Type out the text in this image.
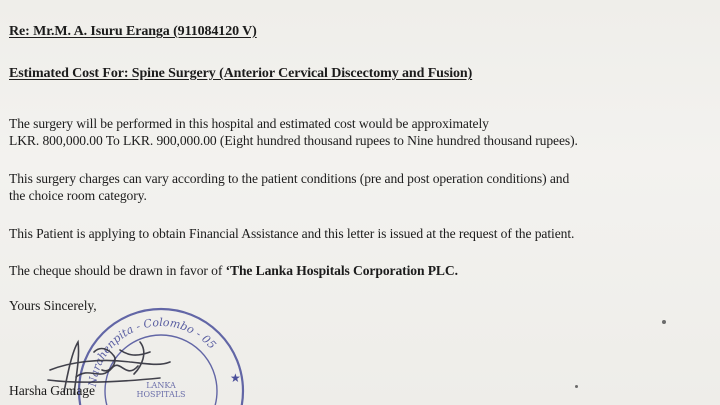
Re: Mr.M. A. Isuru Eranga (911084120 V)
Estimated Cost For: Spine Surgery (Anterior Cervical Discectomy and Fusion)
The surgery will be performed in this hospital and estimated cost would be approximately
LKR. 800,000.00 To LKR. 900,000.00 (Eight hundred thousand rupees to Nine hundred thousand rupees).
This surgery charges can vary according to the patient conditions (pre and post operation conditions) and
the choice room category.
This Patient is applying to obtain Financial Assistance and this letter is issued at the request of the patient.
The cheque should be drawn in favor of ‘The Lanka Hospitals Corporation PLC.
Yours Sincerely,
Narahenpita - Colombo - 05
★
LANKA
HOSPITALS
Harsha Gamage
